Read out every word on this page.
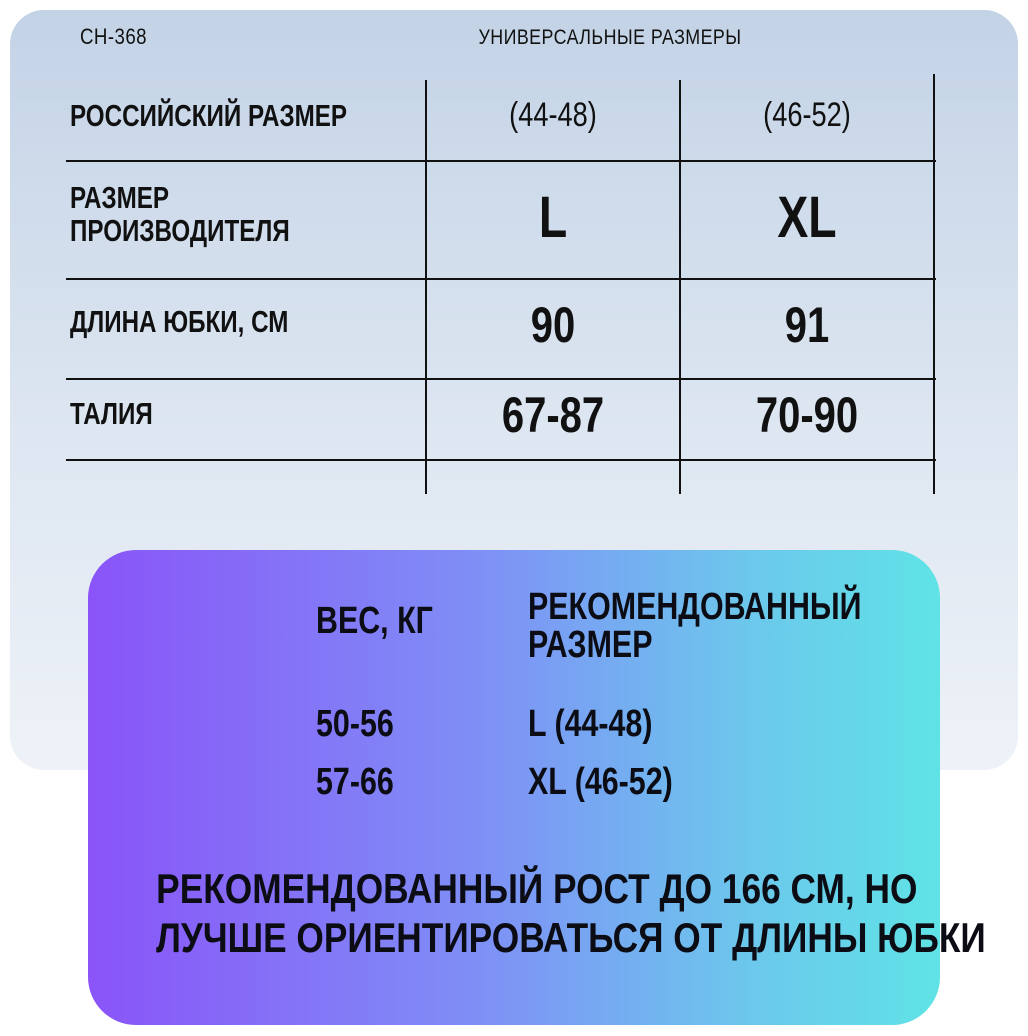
СН-368	УНИВЕРСАЛЬНЫЕ РАЗМЕРЫ
РОССИЙСКИЙ РАЗМЕР	(44-48)	(46-52)
РАЗМЕР
ПРОИЗВОДИТЕЛЯ	L	XL
ДЛИНА ЮБКИ, СМ	90	91
ТАЛИЯ	67-87	70-90
ВЕС, КГ	РЕКОМЕНДОВАННЫЙ
РАЗМЕР
50-56	L (44-48)
57-66	XL (46-52)
РЕКОМЕНДОВАННЫЙ РОСТ ДО 166 СМ, НО
ЛУЧШЕ ОРИЕНТИРОВАТЬСЯ ОТ ДЛИНЫ ЮБКИ
